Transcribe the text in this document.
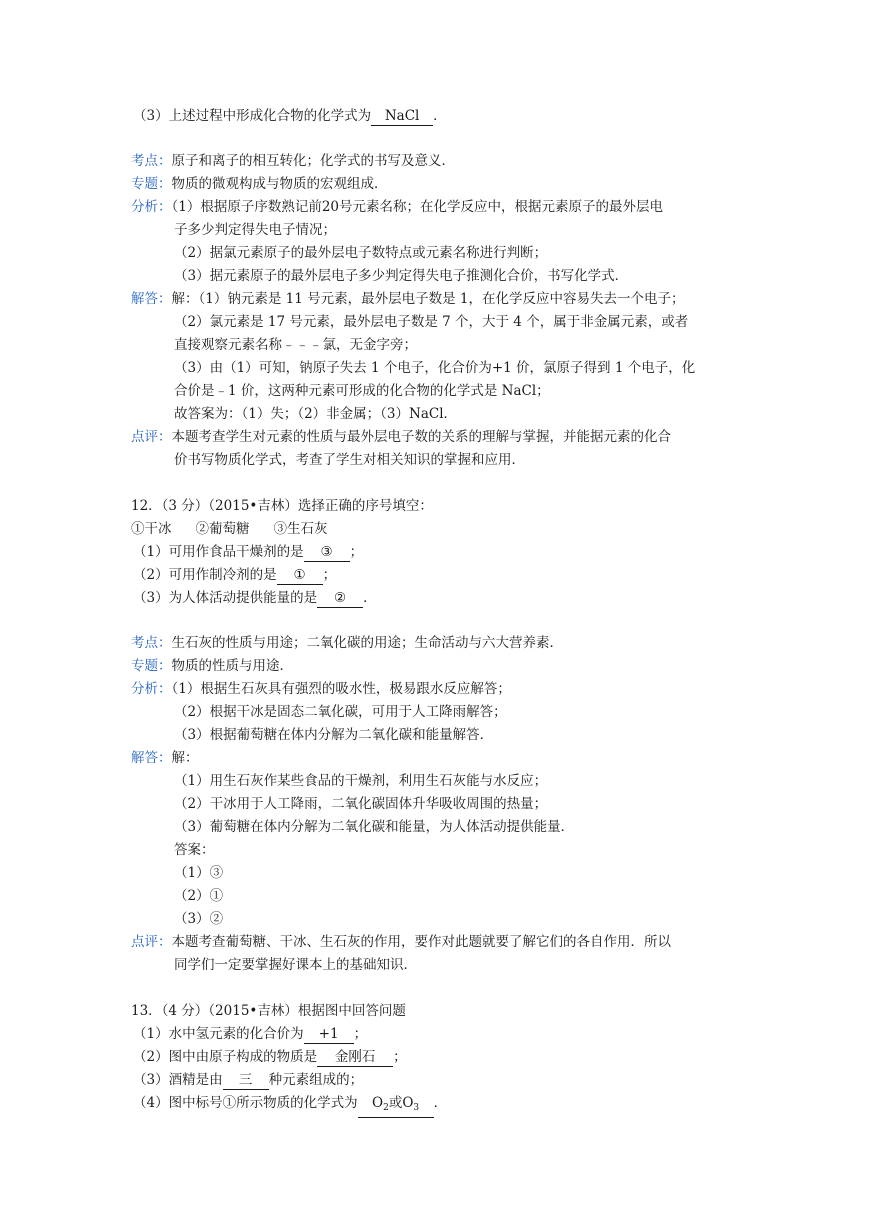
（3）上述过程中形成化合物的化学式为 NaCl ．
考点：原子和离子的相互转化；化学式的书写及意义．
专题：物质的微观构成与物质的宏观组成．
分析：（1）根据原子序数熟记前20号元素名称；在化学反应中，根据元素原子的最外层电
子多少判定得失电子情况；
（2）据氯元素原子的最外层电子数特点或元素名称进行判断；
（3）据元素原子的最外层电子多少判定得失电子推测化合价，书写化学式．
解答：解：（1）钠元素是 11 号元素，最外层电子数是 1，在化学反应中容易失去一个电子；
（2）氯元素是 17 号元素，最外层电子数是 7 个，大于 4 个，属于非金属元素，或者
直接观察元素名称﹣﹣﹣氯，无金字旁；
（3）由（1）可知，钠原子失去 1 个电子，化合价为+1 价，氯原子得到 1 个电子，化
合价是﹣1 价，这两种元素可形成的化合物的化学式是 NaCl；
故答案为：（1）失；（2）非金属；（3）NaCl．
点评：本题考查学生对元素的性质与最外层电子数的关系的理解与掌握，并能据元素的化合
价书写物质化学式，考查了学生对相关知识的掌握和应用．
12．（3 分）（2015•吉林）选择正确的序号填空：
①干冰 ②葡萄糖 ③生石灰
（1）可用作食品干燥剂的是 ③ ；
（2）可用作制冷剂的是 ① ；
（3）为人体活动提供能量的是 ② ．
考点：生石灰的性质与用途；二氧化碳的用途；生命活动与六大营养素．
专题：物质的性质与用途．
分析：（1）根据生石灰具有强烈的吸水性，极易跟水反应解答；
（2）根据干冰是固态二氧化碳，可用于人工降雨解答；
（3）根据葡萄糖在体内分解为二氧化碳和能量解答．
解答：解：
（1）用生石灰作某些食品的干燥剂，利用生石灰能与水反应；
（2）干冰用于人工降雨，二氧化碳固体升华吸收周围的热量；
（3）葡萄糖在体内分解为二氧化碳和能量，为人体活动提供能量．
答案：
（1）③
（2）①
（3）②
点评：本题考查葡萄糖、干冰、生石灰的作用，要作对此题就要了解它们的各自作用．所以
同学们一定要掌握好课本上的基础知识．
13．（4 分）（2015•吉林）根据图中回答问题
（1）水中氢元素的化合价为 +1 ；
（2）图中由原子构成的物质是 金刚石 ；
（3）酒精是由 三 种元素组成的；
（4）图中标号①所示物质的化学式为 $O_2$或$O_3$ ．
